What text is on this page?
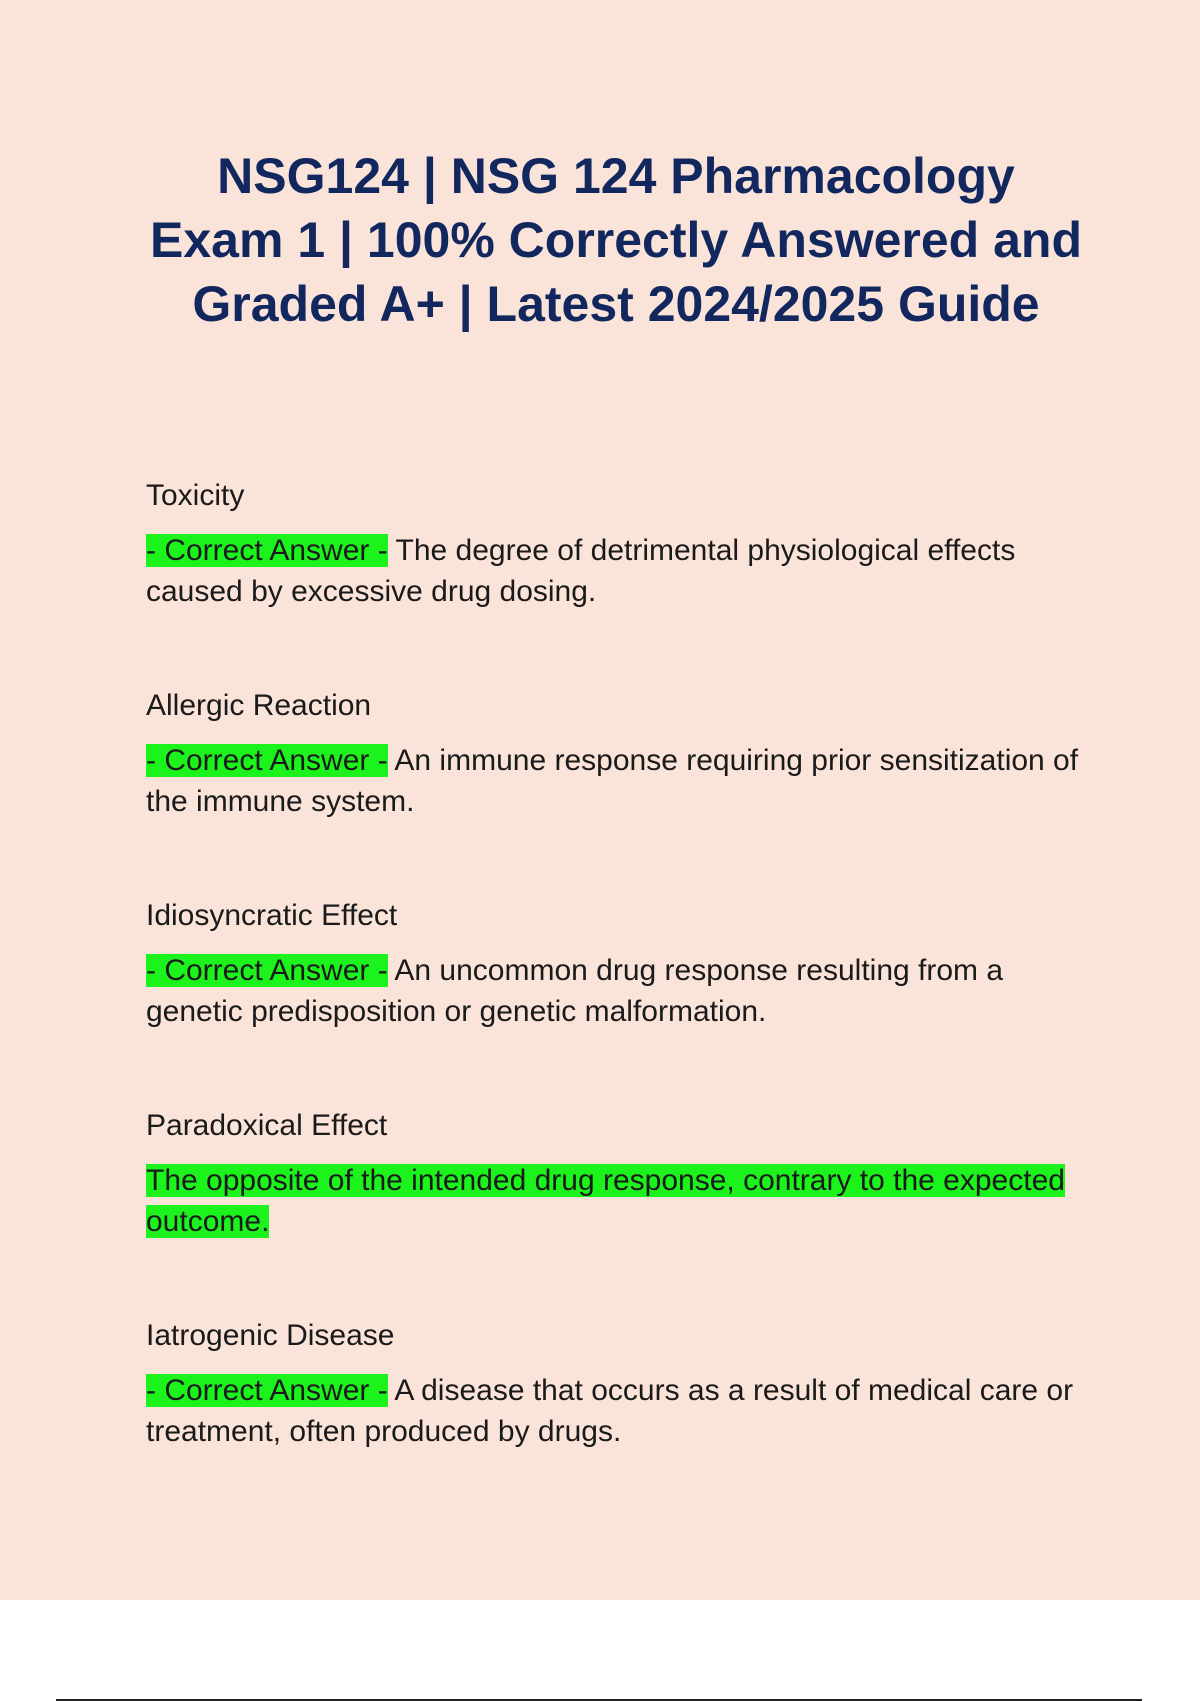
NSG124 | NSG 124 Pharmacology Exam 1 | 100% Correctly Answered and Graded A+ | Latest 2024/2025 Guide

Toxicity

- Correct Answer - The degree of detrimental physiological effects caused by excessive drug dosing.

Allergic Reaction

- Correct Answer - An immune response requiring prior sensitization of the immune system.

Idiosyncratic Effect

- Correct Answer - An uncommon drug response resulting from a genetic predisposition or genetic malformation.

Paradoxical Effect

The opposite of the intended drug response, contrary to the expected outcome.

Iatrogenic Disease

- Correct Answer - A disease that occurs as a result of medical care or treatment, often produced by drugs.
